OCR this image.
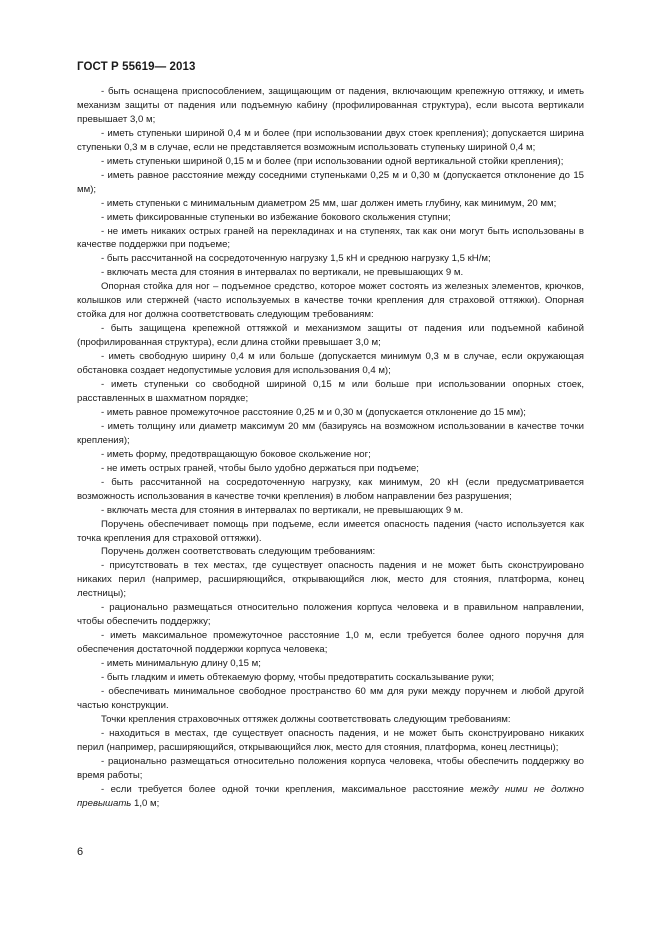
ГОСТ Р 55619— 2013

- быть оснащена приспособлением, защищающим от падения, включающим крепежную оттяжку, и иметь механизм защиты от падения или подъемную кабину (профилированная структура), если высота вертикали превышает 3,0 м;

- иметь ступеньки шириной 0,4 м и более (при использовании двух стоек крепления); допускается ширина ступеньки 0,3 м в случае, если не представляется возможным использовать ступеньку шириной 0,4 м;

- иметь ступеньки шириной 0,15 м и более (при использовании одной вертикальной стойки крепления);

- иметь равное расстояние между соседними ступеньками 0,25 м и 0,30 м (допускается отклонение до 15 мм);

- иметь ступеньки с минимальным диаметром 25 мм, шаг должен иметь глубину, как минимум, 20 мм;

- иметь фиксированные ступеньки во избежание бокового скольжения ступни;

- не иметь никаких острых граней на перекладинах и на ступенях, так как они могут быть использованы в качестве поддержки при подъеме;

- быть рассчитанной на сосредоточенную нагрузку 1,5 кН и среднюю нагрузку 1,5 кН/м;

- включать места для стояния в интервалах по вертикали, не превышающих 9 м.

Опорная стойка для ног – подъемное средство, которое может состоять из железных элементов, крючков, колышков или стержней (часто используемых в качестве точки крепления для страховой оттяжки). Опорная стойка для ног должна соответствовать следующим требованиям:

- быть защищена крепежной оттяжкой и механизмом защиты от падения или подъемной кабиной (профилированная структура), если длина стойки превышает 3,0 м;

- иметь свободную ширину 0,4 м или больше (допускается минимум 0,3 м в случае, если окружающая обстановка создает недопустимые условия для использования 0,4 м);

- иметь ступеньки со свободной шириной 0,15 м или больше при использовании опорных стоек, расставленных в шахматном порядке;

- иметь равное промежуточное расстояние 0,25 м и 0,30 м (допускается отклонение до 15 мм);

- иметь толщину или диаметр максимум 20 мм (базируясь на возможном использовании в качестве точки крепления);

- иметь форму, предотвращающую боковое скольжение ног;

- не иметь острых граней, чтобы было удобно держаться при подъеме;

- быть рассчитанной на сосредоточенную нагрузку, как минимум, 20 кН (если предусматривается возможность использования в качестве точки крепления) в любом направлении без разрушения;

- включать места для стояния в интервалах по вертикали, не превышающих 9 м.

Поручень обеспечивает помощь при подъеме, если имеется опасность падения (часто используется как точка крепления для страховой оттяжки).

Поручень должен соответствовать следующим требованиям:

- присутствовать в тех местах, где существует опасность падения и не может быть сконструировано никаких перил (например, расширяющийся, открывающийся люк, место для стояния, платформа, конец лестницы);

- рационально размещаться относительно положения корпуса человека и в правильном направлении, чтобы обеспечить поддержку;

- иметь максимальное промежуточное расстояние 1,0 м, если требуется более одного поручня для обеспечения достаточной поддержки корпуса человека;

- иметь минимальную длину 0,15 м;

- быть гладким и иметь обтекаемую форму, чтобы предотвратить соскальзывание руки;

- обеспечивать минимальное свободное пространство 60 мм для руки между поручнем и любой другой частью конструкции.

Точки крепления страховочных оттяжек должны соответствовать следующим требованиям:

- находиться в местах, где существует опасность падения, и не может быть сконструировано никаких перил (например, расширяющийся, открывающийся люк, место для стояния, платформа, конец лестницы);

- рационально размещаться относительно положения корпуса человека, чтобы обеспечить поддержку во время работы;

- если требуется более одной точки крепления, максимальное расстояние между ними не должно превышать 1,0 м;

6
